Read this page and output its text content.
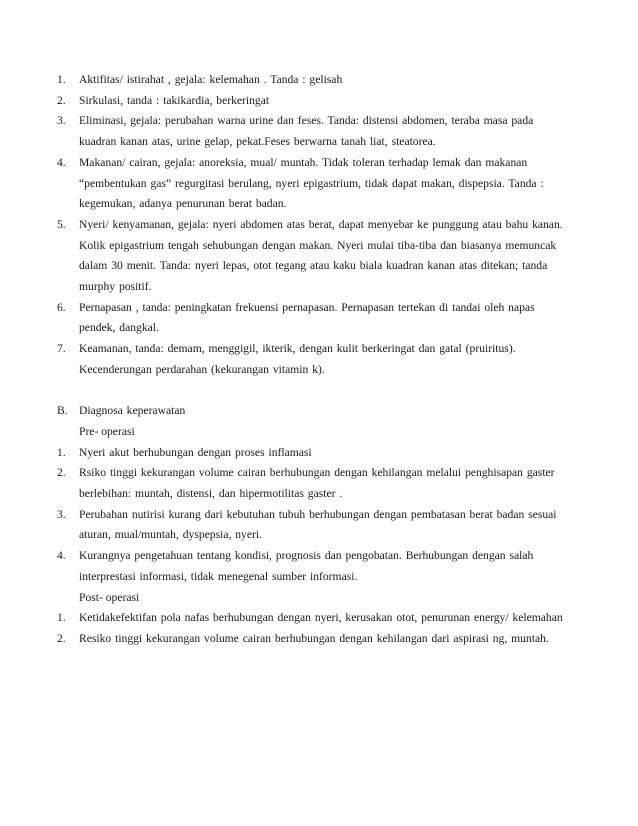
1. Aktifitas/ istirahat , gejala: kelemahan . Tanda : gelisah
2. Sirkulasi, tanda : takikardia, berkeringat
3. Eliminasi, gejala: perubahan warna urine dan feses. Tanda: distensi abdomen, teraba masa pada kuadran kanan atas, urine gelap, pekat.Feses berwarna tanah liat, steatorea.
4. Makanan/ cairan, gejala: anoreksia, mual/ muntah. Tidak toleran terhadap lemak dan makanan “pembentukan gas” regurgitasi berulang, nyeri epigastrium, tidak dapat makan, dispepsia. Tanda : kegemukan, adanya penurunan berat badan.
5. Nyeri/ kenyamanan, gejala: nyeri abdomen atas berat, dapat menyebar ke punggung atau bahu kanan. Kolik epigastrium tengah sehubungan dengan makan. Nyeri mulai tiba-tiba dan biasanya memuncak dalam 30 menit. Tanda: nyeri lepas, otot tegang atau kaku biala kuadran kanan atas ditekan; tanda murphy positif.
6. Pernapasan , tanda: peningkatan frekuensi pernapasan. Pernapasan tertekan di tandai oleh napas pendek, dangkal.
7. Keamanan, tanda: demam, menggigil, ikterik, dengan kulit berkeringat dan gatal (pruiritus). Kecenderungan perdarahan (kekurangan vitamin k).
B. Diagnosa keperawatan
Pre- operasi
1. Nyeri akut berhubungan dengan proses inflamasi
2. Rsiko tinggi kekurangan volume cairan berhubungan dengan kehilangan melalui penghisapan gaster berlebihan: muntah, distensi, dan hipermotilitas gaster .
3. Perubahan nutirisi kurang dari kebutuhan tubuh berhubungan dengan pembatasan berat badan sesuai aturan, mual/muntah, dyspepsia, nyeri.
4. Kurangnya pengetahuan tentang kondisi, prognosis dan pengobatan. Berhubungan dengan salah interprestasi informasi, tidak menegenal sumber informasi.
Post- operasi
1. Ketidakefektifan pola nafas berhubungan dengan nyeri, kerusakan otot, penurunan energy/ kelemahan
2. Resiko tinggi kekurangan volume cairan berhubungan dengan kehilangan dari aspirasi ng, muntah.
